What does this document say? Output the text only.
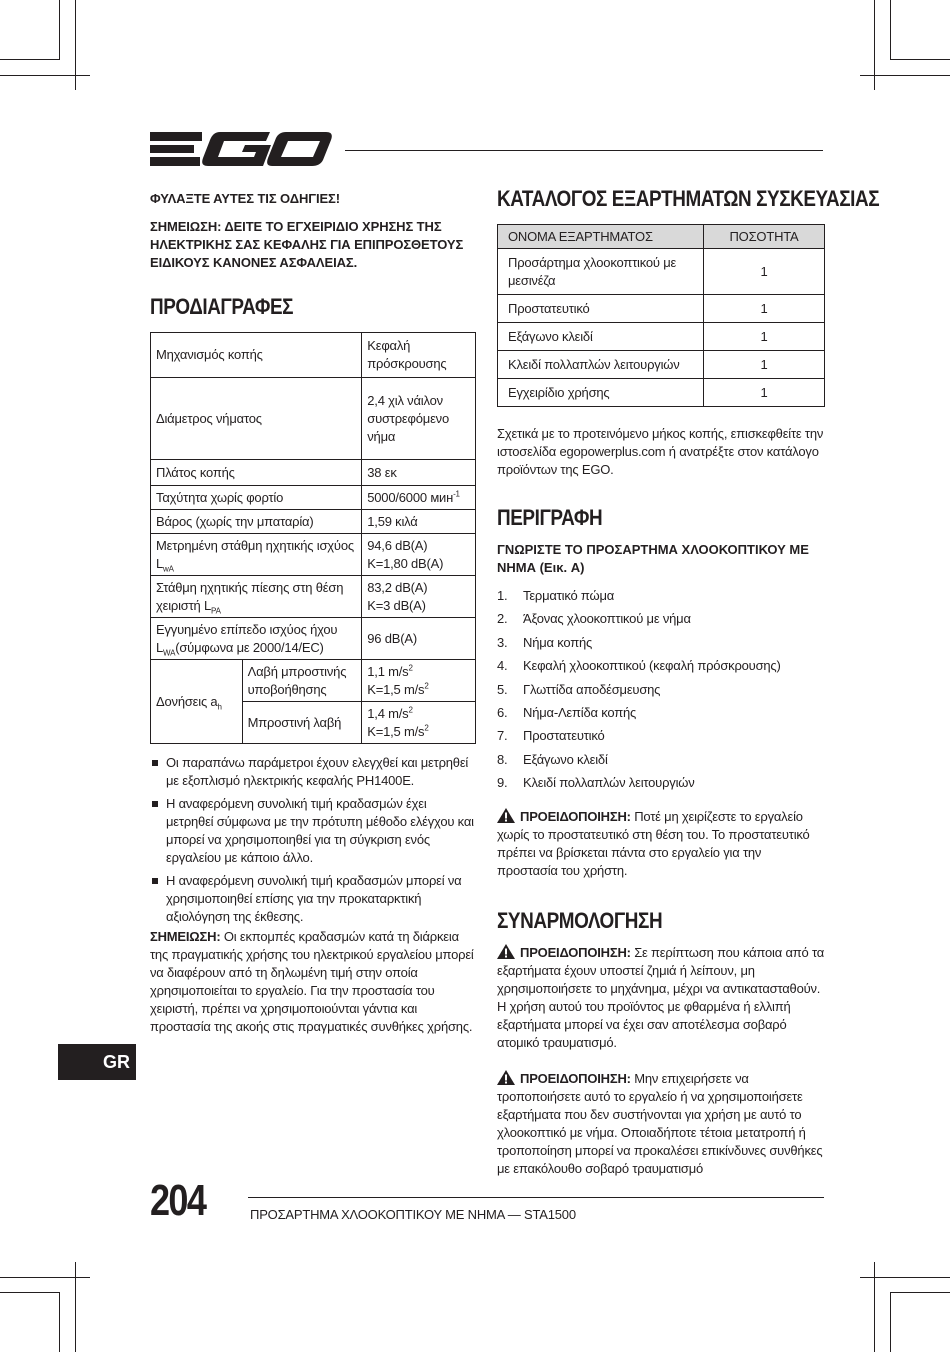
ΦΥΛΑΞΤΕ ΑΥΤΕΣ ΤΙΣ ΟΔΗΓΙΕΣ!

ΣΗΜΕΙΩΣΗ: ΔΕΙΤΕ ΤΟ ΕΓΧΕΙΡΙΔΙΟ ΧΡΗΣΗΣ ΤΗΣ ΗΛΕΚΤΡΙΚΗΣ ΣΑΣ ΚΕΦΑΛΗΣ ΓΙΑ ΕΠΙΠΡΟΣΘΕΤΟΥΣ ΕΙΔΙΚΟΥΣ ΚΑΝΟΝΕΣ ΑΣΦΑΛΕΙΑΣ.

ΠΡΟΔΙΑΓΡΑΦΕΣ
Μηχανισμός κοπής		Κεφαλή πρόσκρουσης
Διάμετρος νήματος		2,4 χιλ νάιλον συστρεφόμενο νήμα
Πλάτος κοπής		38 εκ
Ταχύτητα χωρίς φορτίο		5000/6000 мин$^{-1}$
Βάρος (χωρίς την μπαταρία)		1,59 κιλά
Μετρημένη στάθμη ηχητικής ισχύος $L_{wA}$		94,6 dB(A)
K=1,80 dB(A)
Στάθμη ηχητικής πίεσης στη θέση χειριστή $L_{PA}$		83,2 dB(A)
K=3 dB(A)
Εγγυημένο επίπεδο ισχύος ήχου $L_{WA}(\sigma ύ\mu\varphi\omega\nu\alpha$ με 2000/14/EC)		96 dB(A)
Δονήσεις $a_h$	Λαβή μπροστινής υποβοήθησης	1,1 $m/s^2$
K=1,5 $m/s^2$
	Μπροστινή λαβή	1,4 $m/s^2$
K=1,5 $m/s^2$
Οι παραπάνω παράμετροι έχουν ελεγχθεί και μετρηθεί με εξοπλισμό ηλεκτρικής κεφαλής PH1400E.
Η αναφερόμενη συνολική τιμή κραδασμών έχει μετρηθεί σύμφωνα με την πρότυπη μέθοδο ελέγχου και μπορεί να χρησιμοποιηθεί για τη σύγκριση ενός εργαλείου με κάποιο άλλο.
Η αναφερόμενη συνολική τιμή κραδασμών μπορεί να χρησιμοποιηθεί επίσης για την προκαταρκτική αξιολόγηση της έκθεσης.

ΣΗΜΕΙΩΣΗ: Οι εκπομπές κραδασμών κατά τη διάρκεια της πραγματικής χρήσης του ηλεκτρικού εργαλείου μπορεί να διαφέρουν από τη δηλωμένη τιμή στην οποία χρησιμοποιείται το εργαλείο. Για την προστασία του χειριστή, πρέπει να χρησιμοποιούνται γάντια και προστασία της ακοής στις πραγματικές συνθήκες χρήσης.

ΚΑΤΑΛΟΓΟΣ ΕΞΑΡΤΗΜΑΤΩΝ ΣΥΣΚΕΥΑΣΙΑΣ
ΟΝΟΜΑ ΕΞΑΡΤΗΜΑΤΟΣ	ΠΟΣΟΤΗΤΑ
Προσάρτημα χλοοκοπτικού με μεσινέζα	1
Προστατευτικό	1
Εξάγωνο κλειδί	1
Κλειδί πολλαπλών λειτουργιών	1
Εγχειρίδιο χρήσης	1

Σχετικά με το προτεινόμενο μήκος κοπής, επισκεφθείτε την ιστοσελίδα egopowerplus.com ή ανατρέξτε στον κατάλογο προϊόντων της EGO.

ΠΕΡΙΓΡΑΦΗ

ΓΝΩΡΙΣΤΕ ΤΟ ΠΡΟΣΑΡΤΗΜΑ ΧΛΟΟΚΟΠΤΙΚΟΥ ΜΕ ΝΗΜΑ (Εικ. A)

1.	Τερματικό πώμα
2.	Άξονας χλοοκοπτικού με νήμα
3.	Νήμα κοπής
4.	Κεφαλή χλοοκοπτικού (κεφαλή πρόσκρουσης)
5.	Γλωττίδα αποδέσμευσης
6.	Νήμα-Λεπίδα κοπής
7.	Προστατευτικό
8.	Εξάγωνο κλειδί
9.	Κλειδί πολλαπλών λειτουργιών

ΠΡΟΕΙΔΟΠΟΙΗΣΗ: Ποτέ μη χειρίζεστε το εργαλείο χωρίς το προστατευτικό στη θέση του. Το προστατευτικό πρέπει να βρίσκεται πάντα στο εργαλείο για την προστασία του χρήστη.

ΣΥΝΑΡΜΟΛΟΓΗΣΗ

ΠΡΟΕΙΔΟΠΟΙΗΣΗ: Σε περίπτωση που κάποια από τα εξαρτήματα έχουν υποστεί ζημιά ή λείπουν, μη χρησιμοποιήσετε το μηχάνημα, μέχρι να αντικατασταθούν. Η χρήση αυτού του προϊόντος με φθαρμένα ή ελλιπή εξαρτήματα μπορεί να έχει σαν αποτέλεσμα σοβαρό ατομικό τραυματισμό.

ΠΡΟΕΙΔΟΠΟΙΗΣΗ: Μην επιχειρήσετε να τροποποιήσετε αυτό το εργαλείο ή να χρησιμοποιήσετε εξαρτήματα που δεν συστήνονται για χρήση με αυτό το χλοοκοπτικό με νήμα. Οποιαδήποτε τέτοια μετατροπή ή τροποποίηση μπορεί να προκαλέσει επικίνδυνες συνθήκες με επακόλουθο σοβαρό τραυματισμό

GR
204	ΠΡΟΣΑΡΤΗΜΑ ΧΛΟΟΚΟΠΤΙΚΟΥ ΜΕ ΝΗΜΑ — STA1500
